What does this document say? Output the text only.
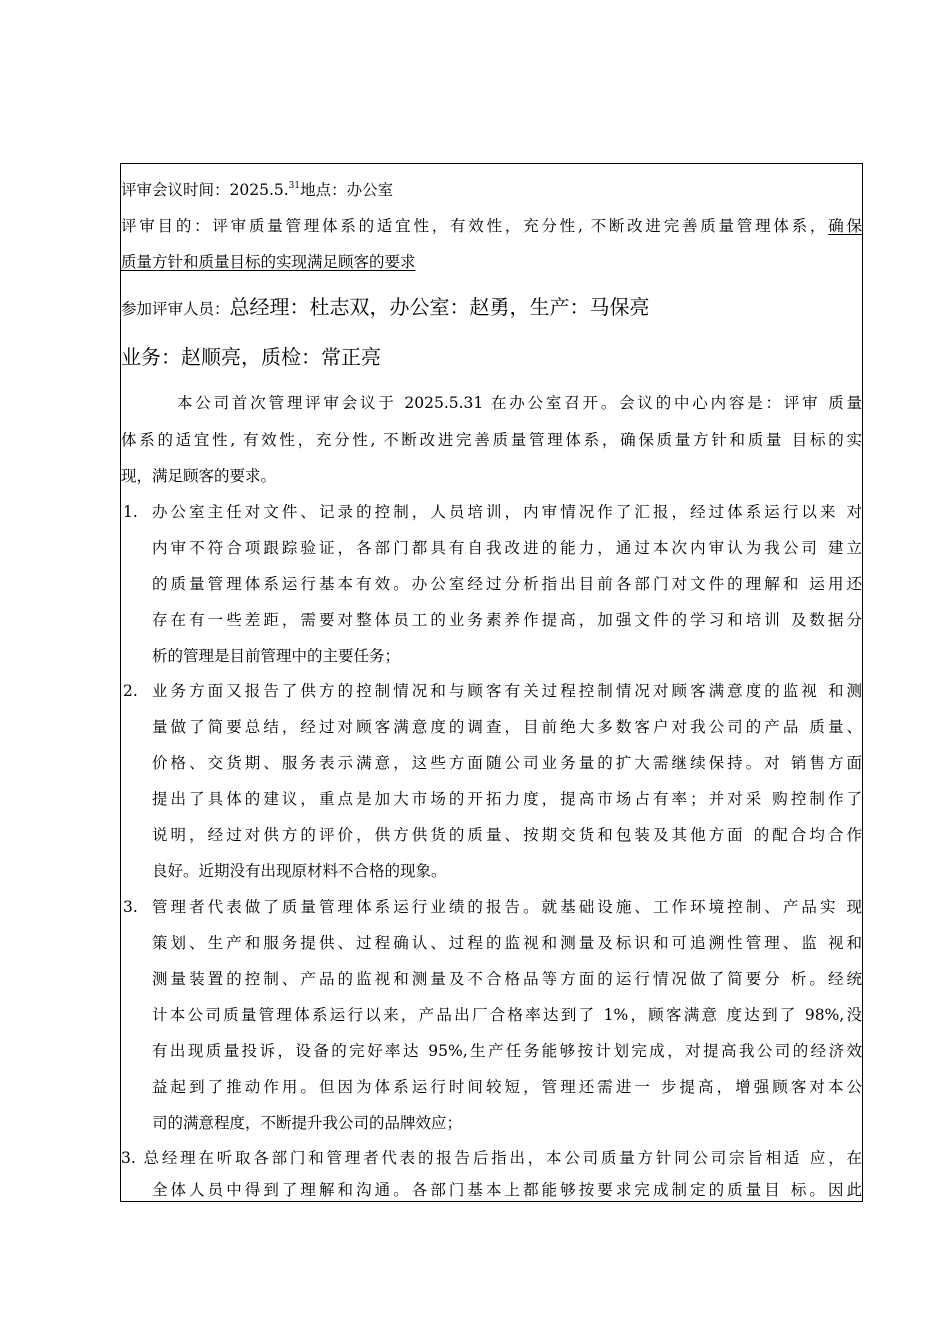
评审会议时间：2025.5.31地点：办公室
评审目的：评审质量管理体系的适宜性，有效性，充分性, 不断改进完善质量管理体系，确保
质量方针和质量目标的实现满足顾客的要求
参加评审人员：总经理：杜志双，办公室：赵勇，生产：马保亮
业务：赵顺亮，质检：常正亮
本公司首次管理评审会议于 2025.5.31 在办公室召开。会议的中心内容是：评审 质量
体系的适宜性, 有效性，充分性, 不断改进完善质量管理体系，确保质量方针和质量 目标的实
现，满足顾客的要求。
1. 办公室主任对文件、记录的控制，人员培训，内审情况作了汇报，经过体系运行以来 对
内审不符合项跟踪验证，各部门都具有自我改进的能力，通过本次内审认为我公司 建立
的质量管理体系运行基本有效。办公室经过分析指出目前各部门对文件的理解和 运用还
存在有一些差距，需要对整体员工的业务素养作提高，加强文件的学习和培训 及数据分
析的管理是目前管理中的主要任务；
2. 业务方面又报告了供方的控制情况和与顾客有关过程控制情况对顾客满意度的监视 和测
量做了简要总结，经过对顾客满意度的调查，目前绝大多数客户对我公司的产品 质量、
价格、交货期、服务表示满意，这些方面随公司业务量的扩大需继续保持。对 销售方面
提出了具体的建议，重点是加大市场的开拓力度，提高市场占有率；并对采 购控制作了
说明，经过对供方的评价，供方供货的质量、按期交货和包装及其他方面 的配合均合作
良好。近期没有出现原材料不合格的现象。
3. 管理者代表做了质量管理体系运行业绩的报告。就基础设施、工作环境控制、产品实 现
策划、生产和服务提供、过程确认、过程的监视和测量及标识和可追溯性管理、监 视和
测量装置的控制、产品的监视和测量及不合格品等方面的运行情况做了简要分 析。经统
计本公司质量管理体系运行以来，产品出厂合格率达到了 1%，顾客满意 度达到了 98%,没
有出现质量投诉，设备的完好率达 95%,生产任务能够按计划完成，对提高我公司的经济效
益起到了推动作用。但因为体系运行时间较短，管理还需进一 步提高，增强顾客对本公
司的满意程度，不断提升我公司的品牌效应；
3. 总经理在听取各部门和管理者代表的报告后指出，本公司质量方针同公司宗旨相适 应，在
全体人员中得到了理解和沟通。各部门基本上都能够按要求完成制定的质量目 标。因此
